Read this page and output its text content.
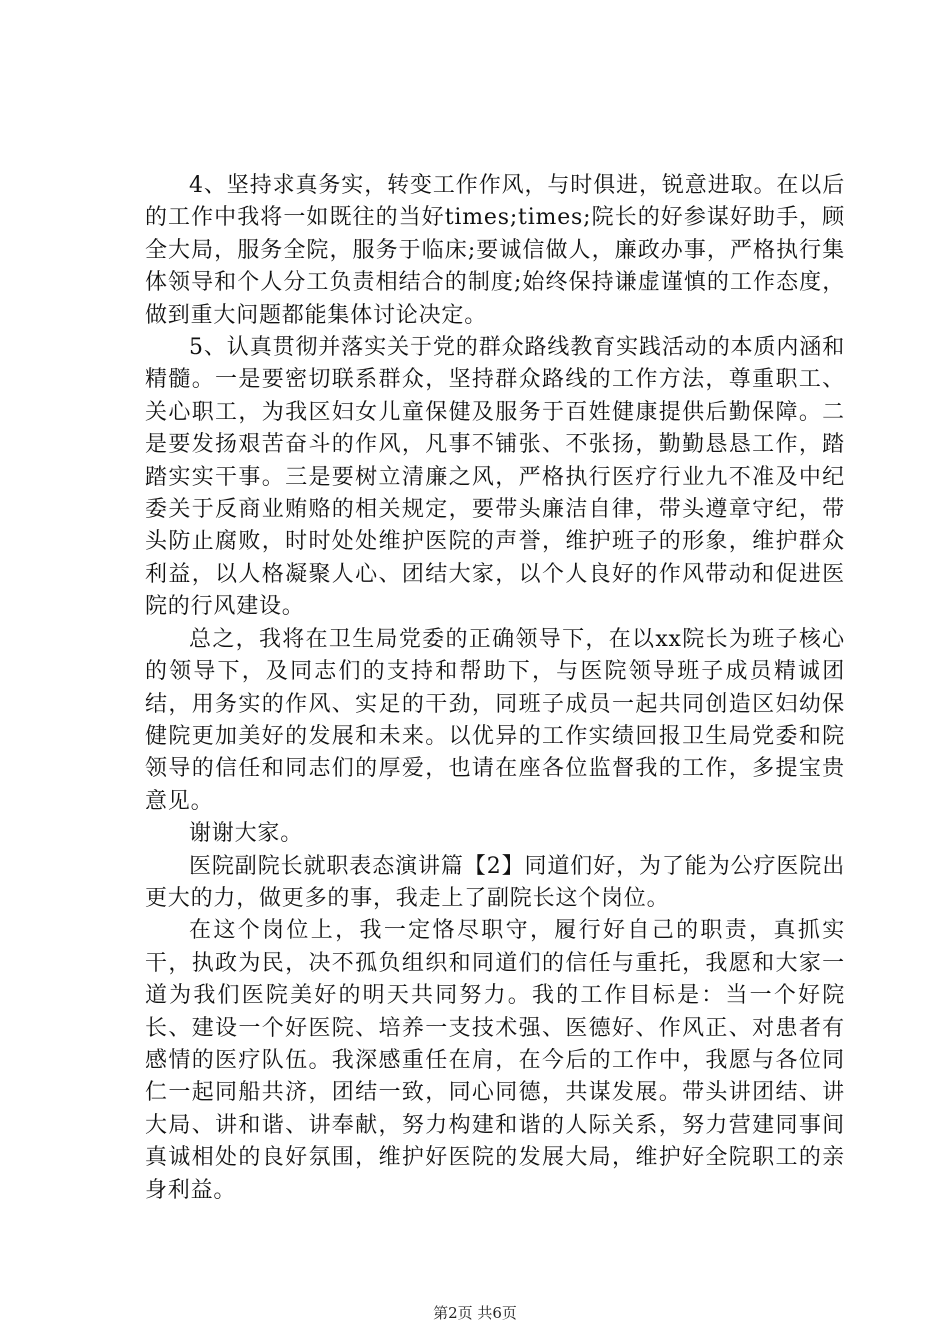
4、坚持求真务实，转变工作作风，与时俱进，锐意进取。在以后的工作中我将一如既往的当好times;times;院长的好参谋好助手，顾全大局，服务全院，服务于临床;要诚信做人，廉政办事，严格执行集体领导和个人分工负责相结合的制度;始终保持谦虚谨慎的工作态度，做到重大问题都能集体讨论决定。

5、认真贯彻并落实关于党的群众路线教育实践活动的本质内涵和精髓。一是要密切联系群众，坚持群众路线的工作方法，尊重职工、关心职工，为我区妇女儿童保健及服务于百姓健康提供后勤保障。二是要发扬艰苦奋斗的作风，凡事不铺张、不张扬，勤勤恳恳工作，踏踏实实干事。三是要树立清廉之风，严格执行医疗行业九不准及中纪委关于反商业贿赂的相关规定，要带头廉洁自律，带头遵章守纪，带头防止腐败，时时处处维护医院的声誉，维护班子的形象，维护群众利益，以人格凝聚人心、团结大家，以个人良好的作风带动和促进医院的行风建设。

总之，我将在卫生局党委的正确领导下，在以xx院长为班子核心的领导下，及同志们的支持和帮助下，与医院领导班子成员精诚团结，用务实的作风、实足的干劲，同班子成员一起共同创造区妇幼保健院更加美好的发展和未来。以优异的工作实绩回报卫生局党委和院领导的信任和同志们的厚爱，也请在座各位监督我的工作，多提宝贵意见。

谢谢大家。

医院副院长就职表态演讲篇【2】同道们好，为了能为公疗医院出更大的力，做更多的事，我走上了副院长这个岗位。

在这个岗位上，我一定恪尽职守，履行好自己的职责，真抓实干，执政为民，决不孤负组织和同道们的信任与重托，我愿和大家一道为我们医院美好的明天共同努力。我的工作目标是：当一个好院长、建设一个好医院、培养一支技术强、医德好、作风正、对患者有感情的医疗队伍。我深感重任在肩，在今后的工作中，我愿与各位同仁一起同船共济，团结一致，同心同德，共谋发展。带头讲团结、讲大局、讲和谐、讲奉献，努力构建和谐的人际关系，努力营建同事间真诚相处的良好氛围，维护好医院的发展大局，维护好全院职工的亲身利益。

第2页 共6页
